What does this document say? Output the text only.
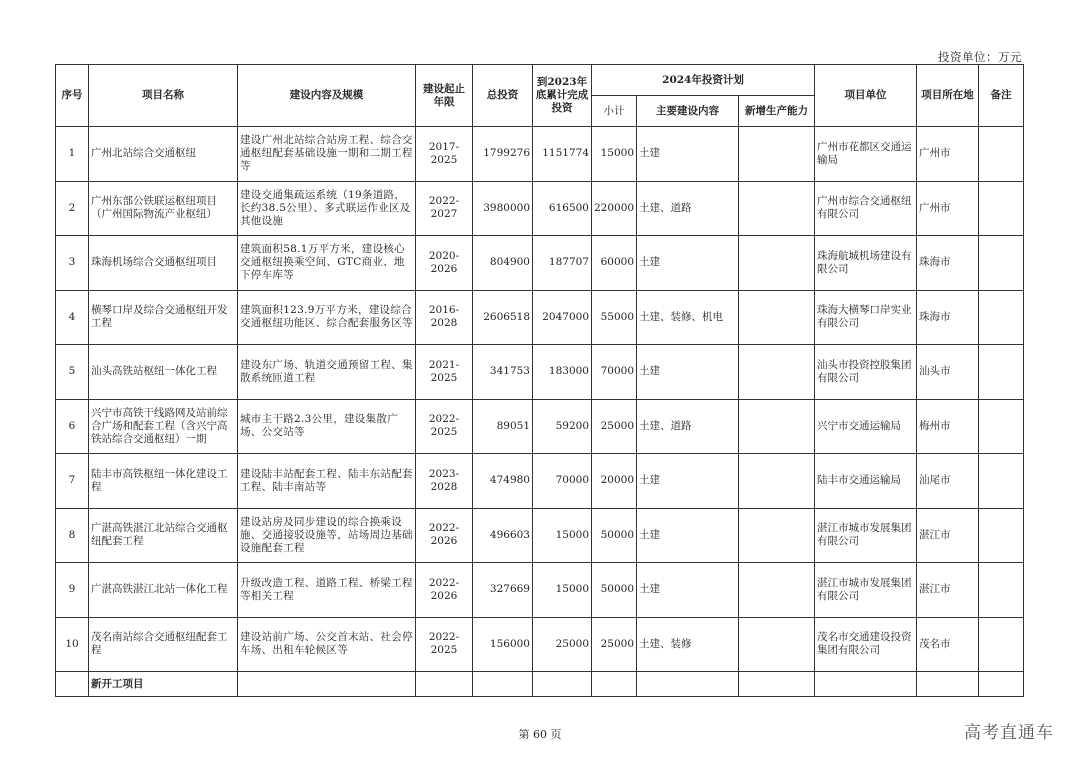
投资单位：万元
序号	项目名称	建设内容及规模	建设起止年限	总投资	到2023年底累计完成投资	2024年投资计划			项目单位	项目所在地	备注
						小计	主要建设内容	新增生产能力			
1	广州北站综合交通枢纽	建设广州北站综合站房工程、综合交通枢纽配套基础设施一期和二期工程等	2017-2025	1799276	1151774	15000	土建		广州市花都区交通运输局	广州市	
2	广州东部公铁联运枢纽项目（广州国际物流产业枢纽）	建设交通集疏运系统（19条道路，长约38.5公里）、多式联运作业区及其他设施	2022-2027	3980000	616500	220000	土建、道路		广州市综合交通枢纽有限公司	广州市	
3	珠海机场综合交通枢纽项目	建筑面积58.1万平方米，建设核心交通枢纽换乘空间、GTC商业、地下停车库等	2020-2026	804900	187707	60000	土建		珠海航城机场建设有限公司	珠海市	
4	横琴口岸及综合交通枢纽开发工程	建筑面积123.9万平方米，建设综合交通枢纽功能区、综合配套服务区等	2016-2028	2606518	2047000	55000	土建、装修、机电		珠海大横琴口岸实业有限公司	珠海市	
5	汕头高铁站枢纽一体化工程	建设东广场、轨道交通预留工程、集散系统匝道工程	2021-2025	341753	183000	70000	土建		汕头市投资控股集团有限公司	汕头市	
6	兴宁市高铁干线路网及站前综合广场和配套工程（含兴宁高铁站综合交通枢纽）一期	城市主干路2.3公里，建设集散广场、公交站等	2022-2025	89051	59200	25000	土建、道路		兴宁市交通运输局	梅州市	
7	陆丰市高铁枢纽一体化建设工程	建设陆丰站配套工程、陆丰东站配套工程、陆丰南站等	2023-2028	474980	70000	20000	土建		陆丰市交通运输局	汕尾市	
8	广湛高铁湛江北站综合交通枢纽配套工程	建设站房及同步建设的综合换乘设施、交通接驳设施等，站场周边基础设施配套工程	2022-2026	496603	15000	50000	土建		湛江市城市发展集团有限公司	湛江市	
9	广湛高铁湛江北站一体化工程	升级改造工程、道路工程、桥梁工程等相关工程	2022-2026	327669	15000	50000	土建		湛江市城市发展集团有限公司	湛江市	
10	茂名南站综合交通枢纽配套工程	建设站前广场、公交首末站、社会停车场、出租车轮候区等	2022-2025	156000	25000	25000	土建、装修		茂名市交通建设投资集团有限公司	茂名市	
	新开工项目										
第 60 页	高考直通车
